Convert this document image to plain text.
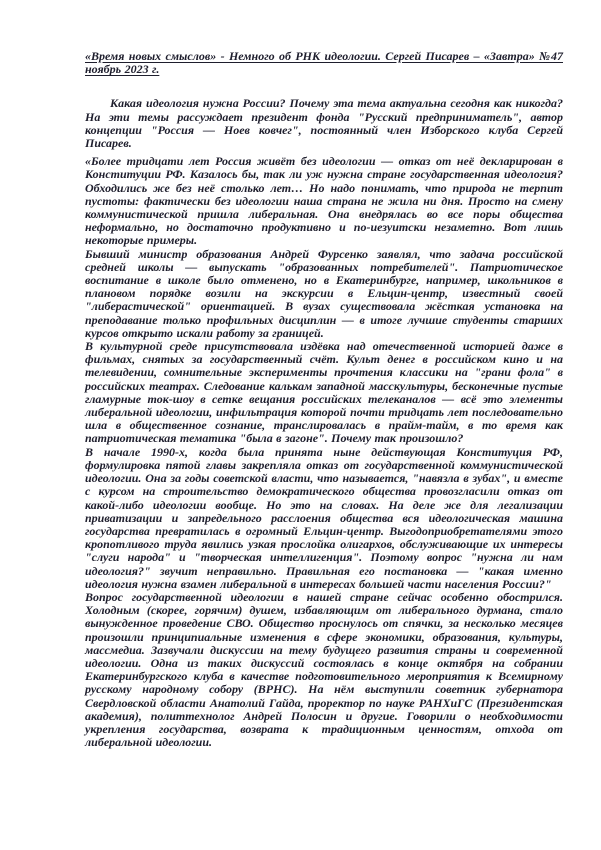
«Время новых смыслов» - Немного об РНК идеологии. Сергей Писарев – «Завтра» №47 ноябрь 2023 г.

Какая идеология нужна России? Почему эта тема актуальна сегодня как никогда? На эти темы рассуждает президент фонда "Русский предприниматель", автор концепции "Россия — Ноев ковчег", постоянный член Изборского клуба Сергей Писарев.

«Более тридцати лет Россия живёт без идеологии — отказ от неё декларирован в Конституции РФ. Казалось бы, так ли уж нужна стране государственная идеология? Обходились же без неё столько лет… Но надо понимать, что природа не терпит пустоты: фактически без идеологии наша страна не жила ни дня. Просто на смену коммунистической пришла либеральная. Она внедрялась во все поры общества неформально, но достаточно продуктивно и по-иезуитски незаметно. Вот лишь некоторые примеры.

Бывший министр образования Андрей Фурсенко заявлял, что задача российской средней школы — выпускать "образованных потребителей". Патриотическое воспитание в школе было отменено, но в Екатеринбурге, например, школьников в плановом порядке возили на экскурсии в Ельцин-центр, известный своей "либерастической" ориентацией. В вузах существовала жёсткая установка на преподавание только профильных дисциплин — в итоге лучшие студенты старших курсов открыто искали работу за границей.

В культурной среде присутствовала издёвка над отечественной историей даже в фильмах, снятых за государственный счёт. Культ денег в российском кино и на телевидении, сомнительные эксперименты прочтения классики на "грани фола" в российских театрах. Следование калькам западной масскультуры, бесконечные пустые гламурные ток-шоу в сетке вещания российских телеканалов — всё это элементы либеральной идеологии, инфильтрация которой почти тридцать лет последовательно шла в общественное сознание, транслировалась в прайм-тайм, в то время как патриотическая тематика "была в загоне". Почему так произошло?

В начале 1990-х, когда была принята ныне действующая Конституция РФ, формулировка пятой главы закрепляла отказ от государственной коммунистической идеологии. Она за годы советской власти, что называется, "навязла в зубах", и вместе с курсом на строительство демократического общества провозгласили отказ от какой-либо идеологии вообще. Но это на словах. На деле же для легализации приватизации и запредельного расслоения общества вся идеологическая машина государства превратилась в огромный Ельцин-центр. Выгодоприобретателями этого кропотливого труда явились узкая прослойка олигархов, обслуживающие их интересы "слуги народа" и "творческая интеллигенция". Поэтому вопрос "нужна ли нам идеология?" звучит неправильно. Правильная его постановка — "какая именно идеология нужна взамен либеральной в интересах большей части населения России?"

Вопрос государственной идеологии в нашей стране сейчас особенно обострился. Холодным (скорее, горячим) душем, избавляющим от либерального дурмана, стало вынужденное проведение СВО. Общество проснулось от спячки, за несколько месяцев произошли принципиальные изменения в сфере экономики, образования, культуры, массмедиа. Зазвучали дискуссии на тему будущего развития страны и современной идеологии. Одна из таких дискуссий состоялась в конце октября на собрании Екатеринбургского клуба в качестве подготовительного мероприятия к Всемирному русскому народному собору (ВРНС). На нём выступили советник губернатора Свердловской области Анатолий Гайда, проректор по науке РАНХиГС (Президентская академия), политтехнолог Андрей Полосин и другие. Говорили о необходимости укрепления государства, возврата к традиционным ценностям, отхода от либеральной идеологии.
